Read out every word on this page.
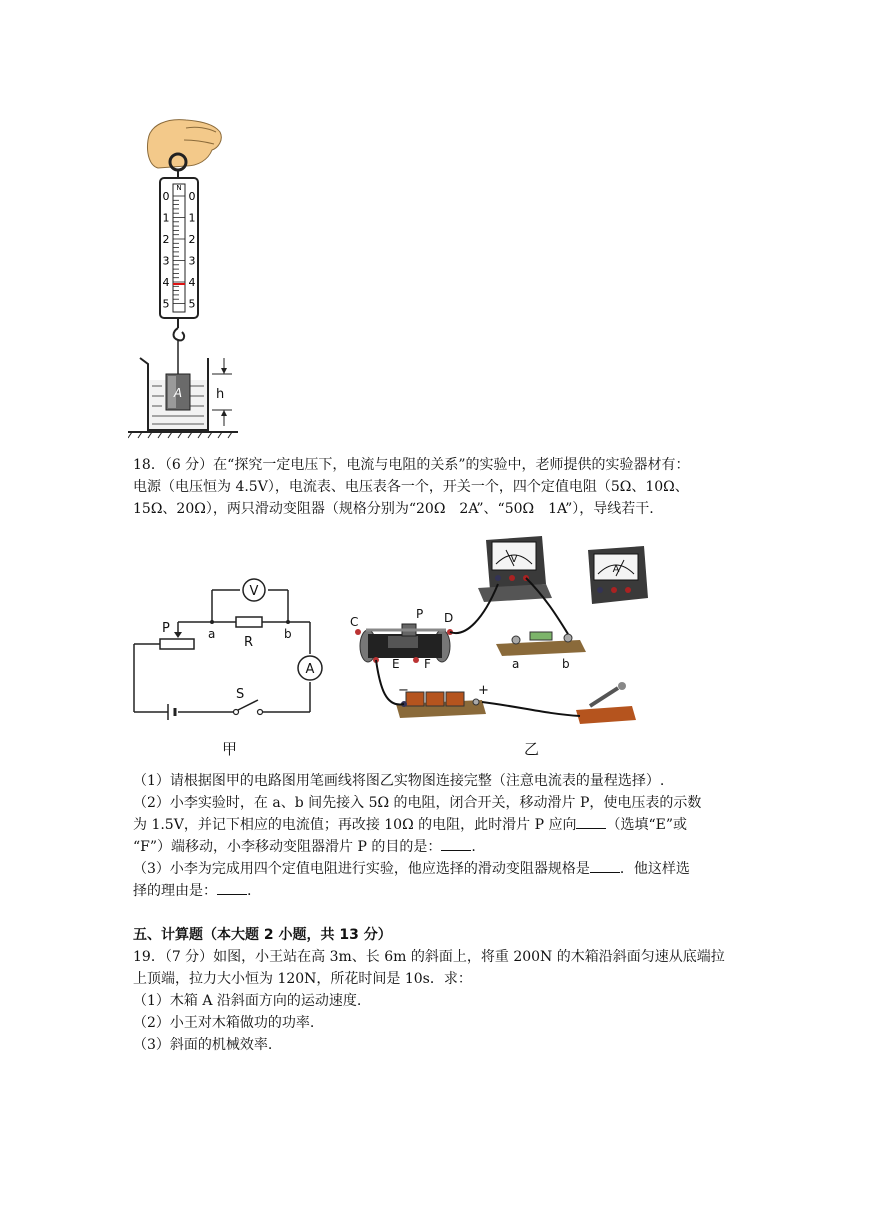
N
0 0
1 1
2 2
3 3
4 4
5 5
A	h
18．（6 分）在“探究一定电压下，电流与电阻的关系”的实验中，老师提供的实验器材有：
电源（电压恒为 4.5V），电流表、电压表各一个，开关一个，四个定值电阻（5Ω、10Ω、
15Ω、20Ω），两只滑动变阻器（规格分别为“20Ω　2A”、“50Ω　1A”），导线若干.
V
A
P	a
R
b
S
甲
V
A
C
P D
E F	a	b
−	+
乙
（1）请根据图甲的电路图用笔画线将图乙实物图连接完整（注意电流表的量程选择）.
（2）小李实验时，在 a、b 间先接入 5Ω 的电阻，闭合开关，移动滑片 P，使电压表的示数
为 1.5V，并记下相应的电流值；再改接 10Ω 的电阻，此时滑片 P 应向 （选填“E”或
“F”）端移动，小李移动变阻器滑片 P 的目的是： .
（3）小李为完成用四个定值电阻进行实验，他应选择的滑动变阻器规格是 ．他这样选
择的理由是： .
五、计算题（本大题 2 小题，共 13 分）
19．（7 分）如图，小王站在高 3m、长 6m 的斜面上，将重 200N 的木箱沿斜面匀速从底端拉
上顶端，拉力大小恒为 120N，所花时间是 10s．求：
（1）木箱 A 沿斜面方向的运动速度.
（2）小王对木箱做功的功率.
（3）斜面的机械效率.
